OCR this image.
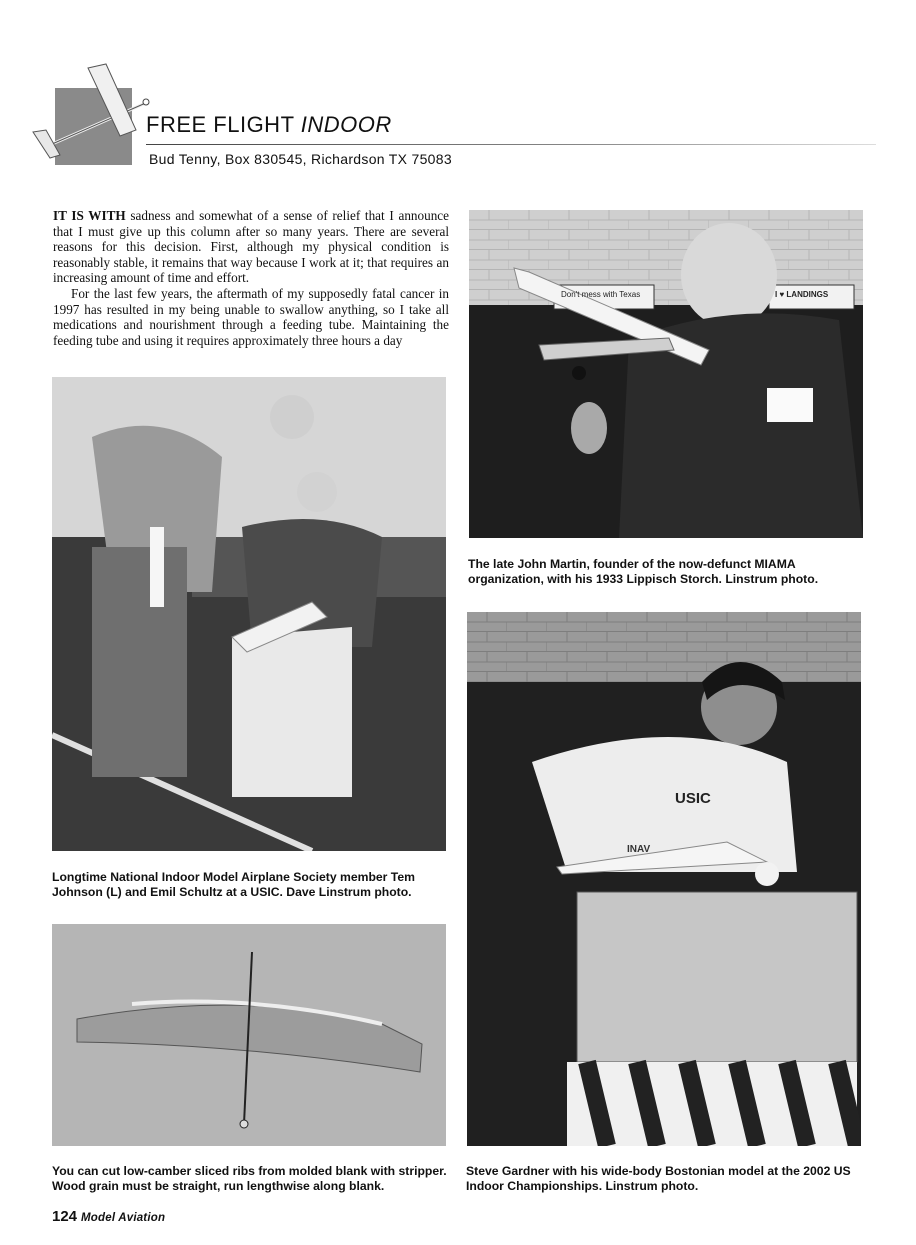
FREE FLIGHT INDOOR
Bud Tenny, Box 830545, Richardson TX 75083

IT IS WITH sadness and somewhat of a sense of relief that I announce that I must give up this column after so many years. There are several reasons for this decision. First, although my physical condition is reasonably stable, it remains that way because I work at it; that requires an increasing amount of time and effort.

For the last few years, the aftermath of my supposedly fatal cancer in 1997 has resulted in my being unable to swallow anything, so I take all medications and nourishment through a feeding tube. Maintaining the feeding tube and using it requires approximately three hours a day

Don't mess with Texas	I ♥ LANDINGS
The late John Martin, founder of the now-defunct MIAMA organization, with his 1933 Lippisch Storch. Linstrum photo.
Longtime National Indoor Model Airplane Society member Tem Johnson (L) and Emil Schultz at a USIC. Dave Linstrum photo.
You can cut low-camber sliced ribs from molded blank with stripper. Wood grain must be straight, run lengthwise along blank.
USIC
INAV
Steve Gardner with his wide-body Bostonian model at the 2002 US Indoor Championships. Linstrum photo.
124 Model Aviation
